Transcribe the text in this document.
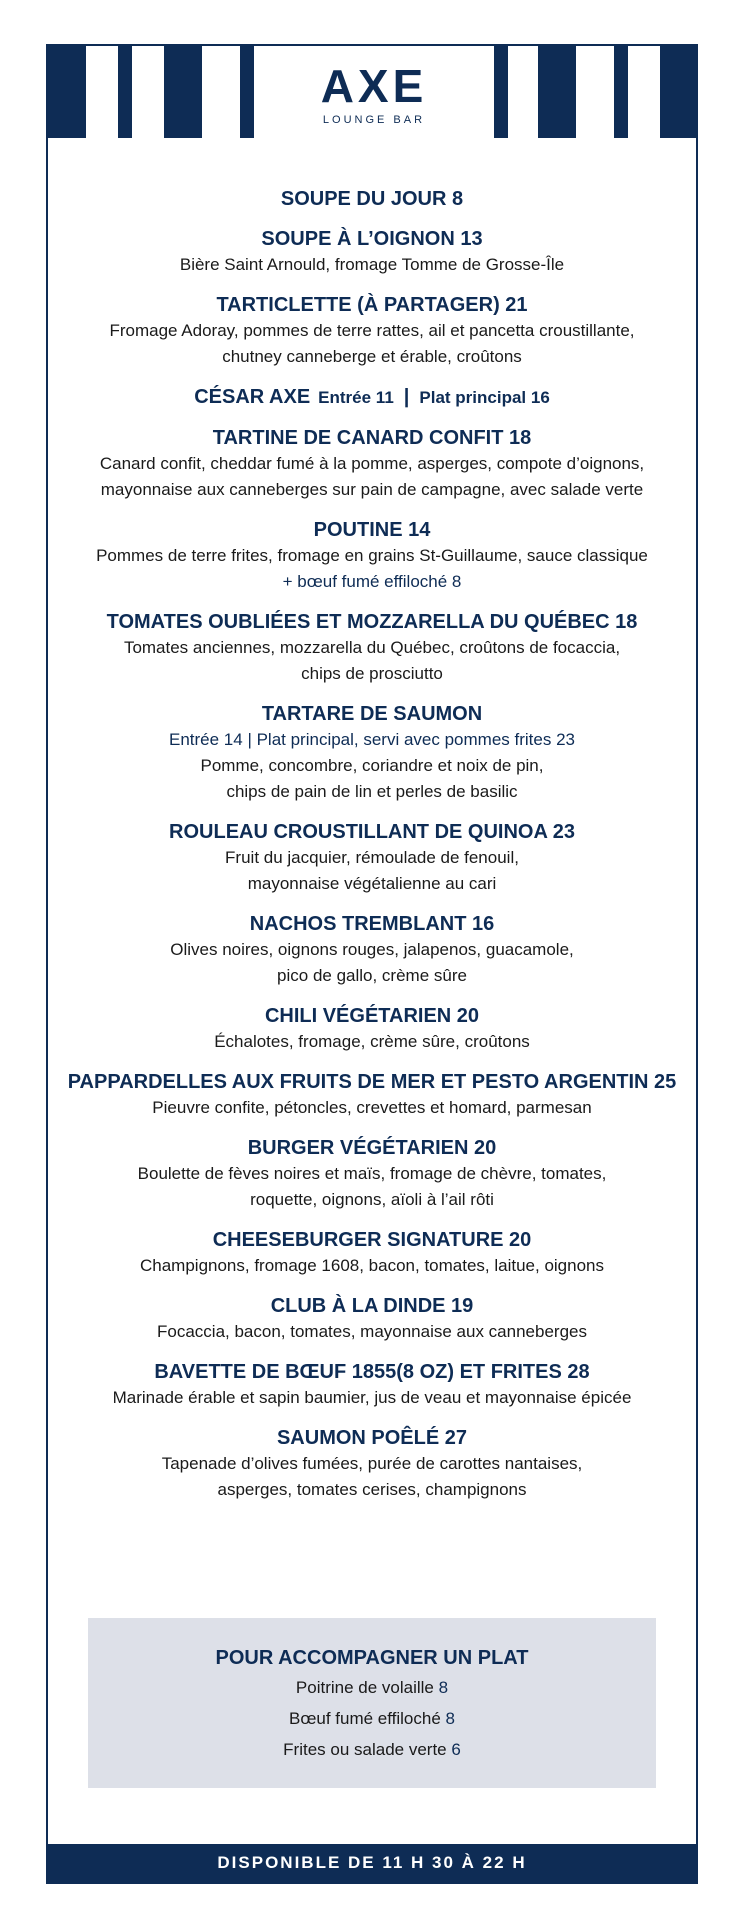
AXE
LOUNGE BAR
SOUPE DU JOUR 8
SOUPE À L’OIGNON 13
Bière Saint Arnould, fromage Tomme de Grosse-Île
TARTICLETTE (À PARTAGER) 21
Fromage Adoray, pommes de terre rattes, ail et pancetta croustillante,
chutney canneberge et érable, croûtons
CÉSAR AXE Entrée 11 | Plat principal 16
TARTINE DE CANARD CONFIT 18
Canard confit, cheddar fumé à la pomme, asperges, compote d’oignons,
mayonnaise aux canneberges sur pain de campagne, avec salade verte
POUTINE 14
Pommes de terre frites, fromage en grains St-Guillaume, sauce classique
+ bœuf fumé effiloché 8
TOMATES OUBLIÉES ET MOZZARELLA DU QUÉBEC 18
Tomates anciennes, mozzarella du Québec, croûtons de focaccia,
chips de prosciutto
TARTARE DE SAUMON
Entrée 14 | Plat principal, servi avec pommes frites 23
Pomme, concombre, coriandre et noix de pin,
chips de pain de lin et perles de basilic
ROULEAU CROUSTILLANT DE QUINOA 23
Fruit du jacquier, rémoulade de fenouil,
mayonnaise végétalienne au cari
NACHOS TREMBLANT 16
Olives noires, oignons rouges, jalapenos, guacamole,
pico de gallo, crème sûre
CHILI VÉGÉTARIEN 20
Échalotes, fromage, crème sûre, croûtons
PAPPARDELLES AUX FRUITS DE MER ET PESTO ARGENTIN 25
Pieuvre confite, pétoncles, crevettes et homard, parmesan
BURGER VÉGÉTARIEN 20
Boulette de fèves noires et maïs, fromage de chèvre, tomates,
roquette, oignons, aïoli à l’ail rôti
CHEESEBURGER SIGNATURE 20
Champignons, fromage 1608, bacon, tomates, laitue, oignons
CLUB À LA DINDE 19
Focaccia, bacon, tomates, mayonnaise aux canneberges
BAVETTE DE BŒUF 1855(8 OZ) ET FRITES 28
Marinade érable et sapin baumier, jus de veau et mayonnaise épicée
SAUMON POÊLÉ 27
Tapenade d’olives fumées, purée de carottes nantaises,
asperges, tomates cerises, champignons
POUR ACCOMPAGNER UN PLAT
Poitrine de volaille 8
Bœuf fumé effiloché 8
Frites ou salade verte 6
DISPONIBLE DE 11 H 30 À 22 H
